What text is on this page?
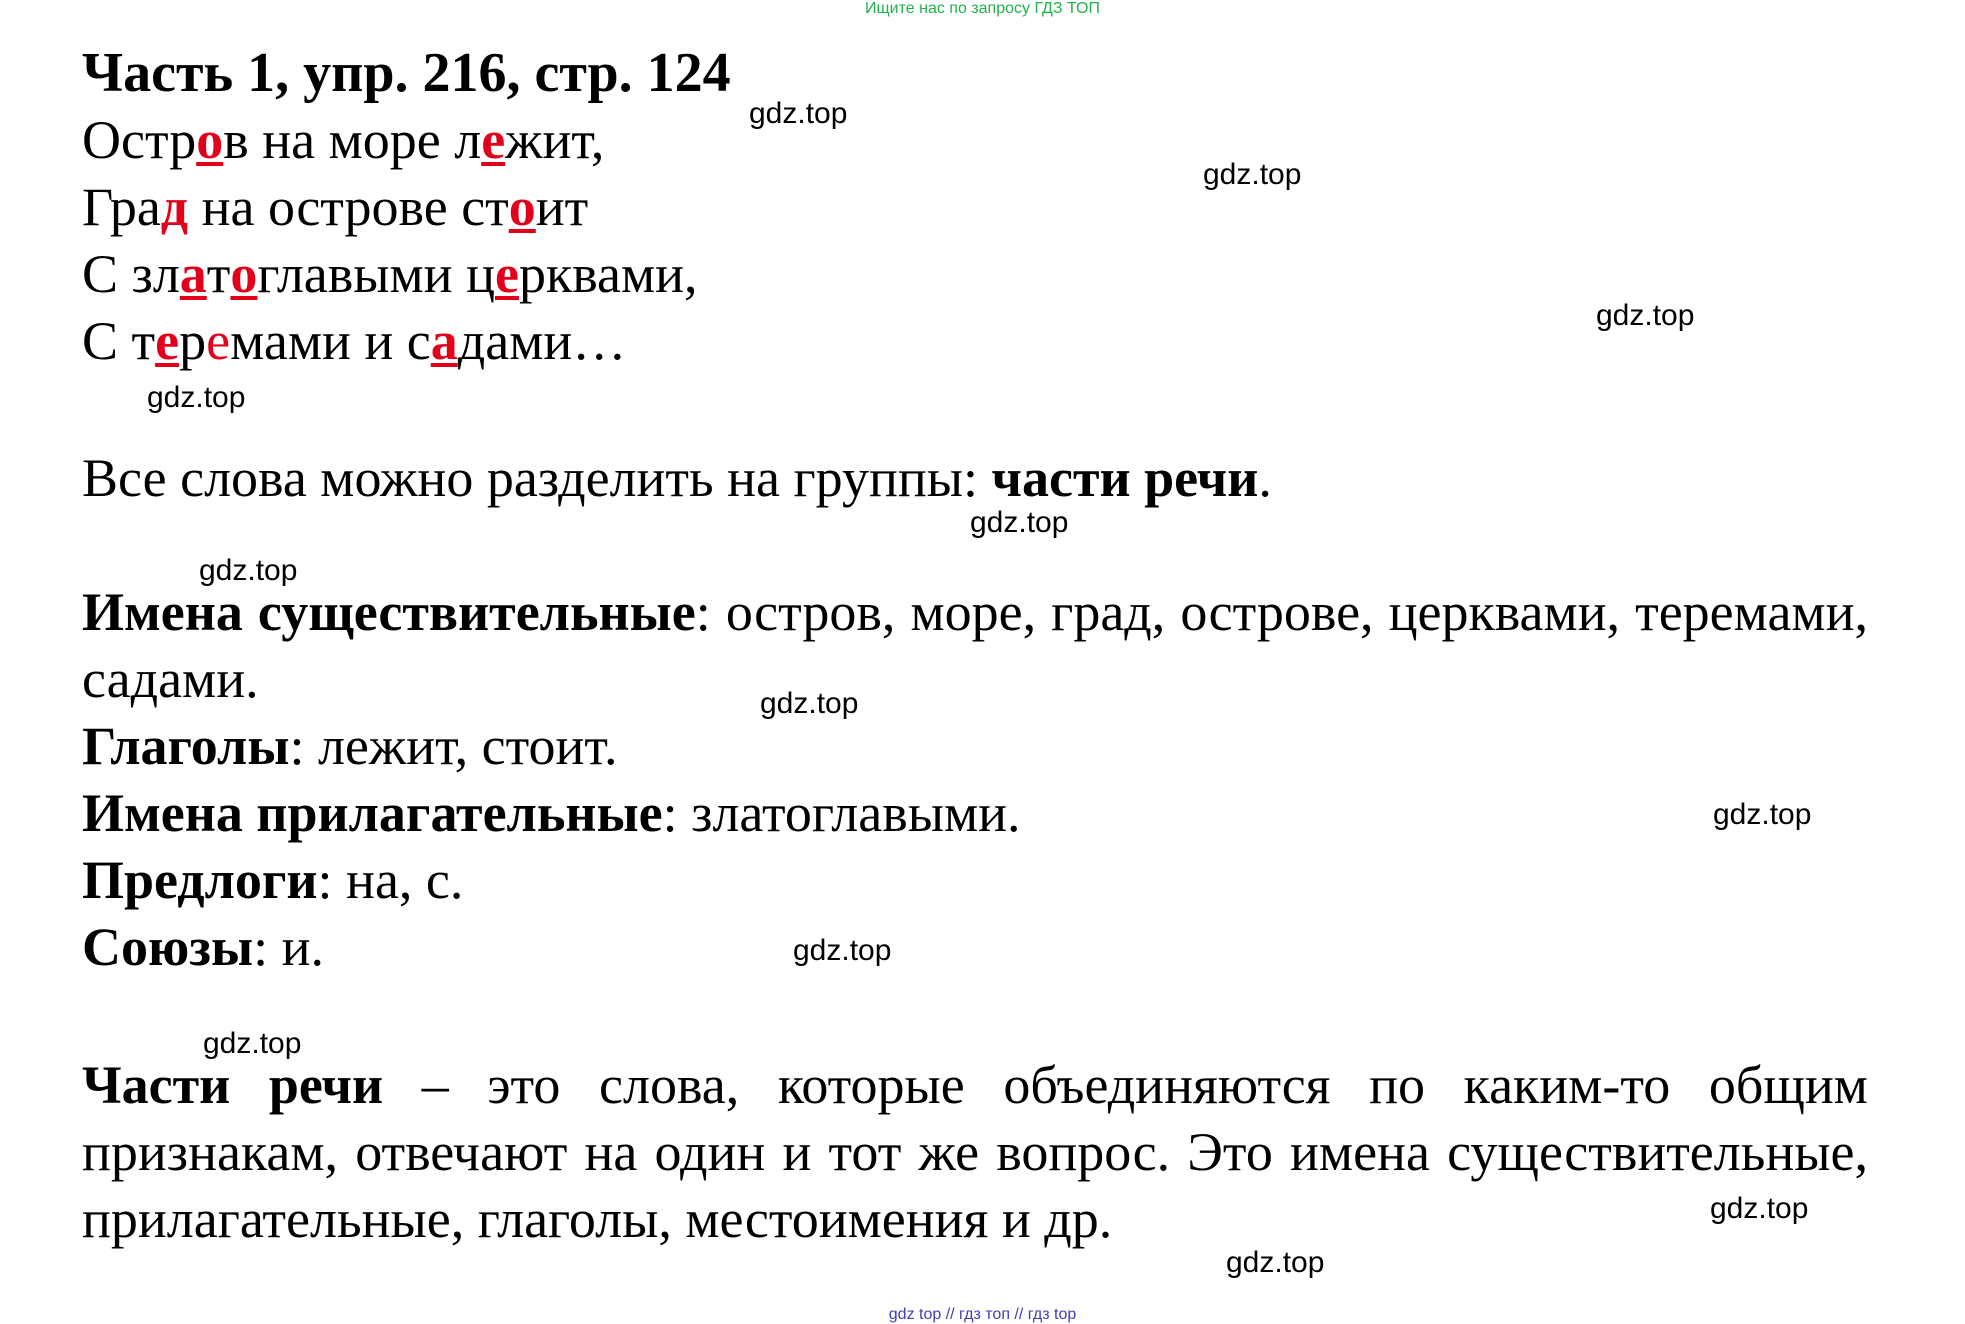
Ищите нас по запросу ГДЗ ТОП

Часть 1, упр. 216, стр. 124

Остров на море лежит,

Град на острове стоит

С златоглавыми церквами,

С теремами и садами…

Все слова можно разделить на группы: части речи.

Имена существительные: остров, море, град, острове, церквами, теремами, садами.

Глаголы: лежит, стоит.

Имена прилагательные: златоглавыми.

Предлоги: на, с.

Союзы: и.

Части речи – это слова, которые объединяются по каким-то общим признакам, отвечают на один и тот же вопрос. Это имена существительные, прилагательные, глаголы, местоимения и др.

gdz.top
gdz.top
gdz.top
gdz.top
gdz.top
gdz.top
gdz.top
gdz.top
gdz.top
gdz.top
gdz.top
gdz.top
gdz top // гдз топ // гдз top
